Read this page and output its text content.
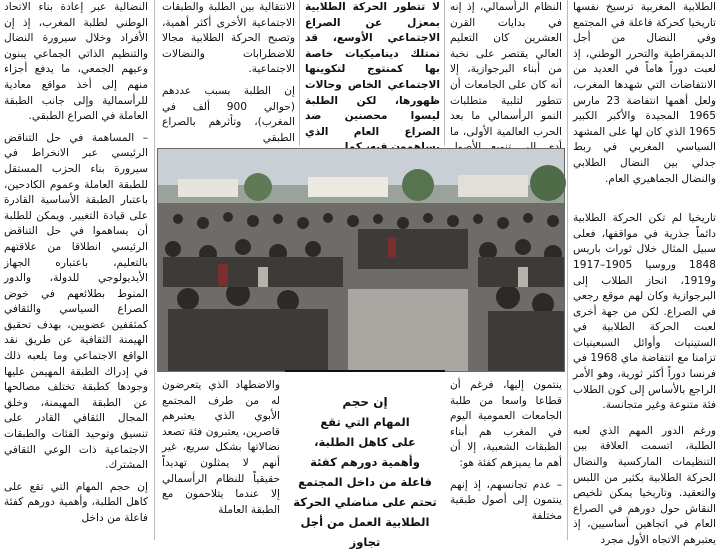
الطلابية المغربية ترسيخ نفسها تاريخيا كحركة فاعلة في المجتمع وفي النضال من أجل الديمقراطية والتحرر الوطني، إذ لعبت دوراً هاماً في العديد من الانتفاضات التي شهدها المغرب، ولعل أهمها انتفاضة 23 مارس 1965 المجيدة والأكبر الكبير 1965 الذي كان لها على المشهد السياسي المغربي في ربط جدلي بين النضال الطلابي والنضال الجماهيري العام.

تاريخيا لم تكن الحركة الطلابية دائماً جذرية في مواقفها، فعلى سبيل المثال خلال ثورات باريس 1848 وروسيا 1905–1917 و1919، انحاز الطلاب إلى البرجوازية وكان لهم موقع رجعي في الصراع. لكن من جهة أخرى لعبت الحركة الطلابية في الستينيات وأوائل السبعينيات تزامنا مع انتفاضة ماي 1968 في فرنسا دوراً أكثر ثورية، وهو الأمر الراجع بالأساس إلى كون الطلاب فئة متنوعة وغير متجانسة.

ورغم الدور المهم الذي لعبه الطلبة، اتسمت العلاقة بين التنظيمات الماركسية والنضال الحركة الطلابية بكثير من اللبس والتعقيد. وتاريخيا يمكن تلخيص النقاش حول دورهم في الصراع العام في اتجاهين أساسيين، إذ يعتبرهم الاتجاه الأول مجرد

النظام الرأسمالي، إذ إنه في بدايات القرن العشرين كان التعليم العالي يقتصر على نخبة من أبناء البرجوازية، إلا أنه كان على الجامعات أن تتطور لتلبية متطلبات النمو الرأسمالي ما بعد الحرب العالمية الأولى، ما

ينتمون إليها، فرغم أن قطاعا واسعا من طلبة الجامعات العمومية اليوم في المغرب هم أبناء الطبقات الشعبية، إلا أن أهم ما يميزهم كفئة هو:

– عدم تجانسهم، إذ إنهم ينتمون إلى أصول طبقية مختلفة

لا تتطور الحركة الطلابية بمعزل عن الصراع الاجتماعي الأوسع، قد تمتلك ديناميكيات خاصة بها كمنتوج لتكوينها الاجتماعي الخاص وحالات ظهورها، لكن الطلبة ليسوا محصنين ضد الصراع العام الذي

الانتقالية بين الطلبة والطبقات الاجتماعية الأخرى أكثر أهمية، وتصبح الحركة الطلابية مجالا للاضطرابات والنضالات الاجتماعية.

إن الطلبة بسبب عددهم (حوالي 900 ألف في المغرب)، وتأثرهم بالصراع الطبقي

والاضطهاد الذي يتعرضون له من طرف المجتمع الأبوي الذي يعتبرهم قاصرين، يعتبرون فئة تصعد نضالاتها بشكل سريع، غير أنهم لا يمثلون تهديداً حقيقياً للنظام الرأسمالي إلا عندما يتلاحمون مع الطبقة العاملة

النضالية عبر إعادة بناء الاتحاد الوطني لطلبة المغرب، إذ إن الأفراد وخلال سيرورة النضال والتنظيم الذاتي الجماعي يبنون وعيهم الجمعي، ما يدفع أجزاء منهم إلى أخذ مواقع معادية للرأسمالية وإلى جانب الطبقة العاملة في الصراع الطبقي.

– المساهمة في حل التناقض الرئيسي عبر الانخراط في سيرورة بناء الحزب المستقل للطبقة العاملة وعموم الكادحين، باعتبار الطبقة الأساسية القادرة على قيادة التغيير. ويمكن للطلبة أن يساهموا في حل التناقض الرئيسي انطلاقا من علاقتهم بالتعليم، باعتباره الجهاز الأيديولوجي للدولة، والدور المنوط بطلائعهم في خوض الصراع السياسي والثقافي كمثقفين عضويين، بهدف تحقيق الهيمنة الثقافية عن طريق نقد الواقع الاجتماعي وما يلعبه ذلك في إدراك الطبقة المهيمن عليها وجودها كطبقة تختلف مصالحها عن الطبقة المهيمنة، وخلق المجال الثقافي القادر على تنسيق وتوحيد الفئات والطبقات الاجتماعية ذات الوعي الثقافي المشترك.

إن حجم المهام التي تقع على كاهل الطلبة، وأهمية دورهم كفئة فاعلة من داخل

إن حجم

المهام التي تقع

على كاهل الطلبة،

وأهمية دورهم كفئة

فاعلة من داخل المجتمع

تحتم على مناضلي الحركة

الطلابية العمل من أجل تجاوز
